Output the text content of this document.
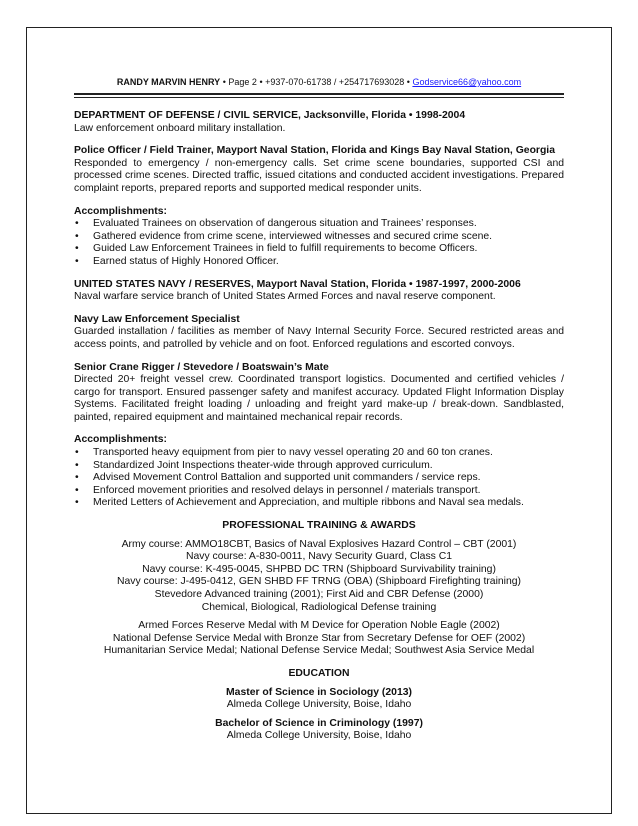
RANDY MARVIN HENRY • Page 2 • +937-070-61738 / +254717693028 • Godservice66@yahoo.com

DEPARTMENT OF DEFENSE / CIVIL SERVICE, Jacksonville, Florida • 1998-2004

Law enforcement onboard military installation.

Police Officer / Field Trainer, Mayport Naval Station, Florida and Kings Bay Naval Station, Georgia

Responded to emergency / non-emergency calls. Set crime scene boundaries, supported CSI and processed crime scenes. Directed traffic, issued citations and conducted accident investigations. Prepared complaint reports, prepared reports and supported medical responder units.

Accomplishments:

• Evaluated Trainees on observation of dangerous situation and Trainees’ responses.
• Gathered evidence from crime scene, interviewed witnesses and secured crime scene.
• Guided Law Enforcement Trainees in field to fulfill requirements to become Officers.
• Earned status of Highly Honored Officer.

UNITED STATES NAVY / RESERVES, Mayport Naval Station, Florida • 1987-1997, 2000-2006

Naval warfare service branch of United States Armed Forces and naval reserve component.

Navy Law Enforcement Specialist

Guarded installation / facilities as member of Navy Internal Security Force. Secured restricted areas and access points, and patrolled by vehicle and on foot. Enforced regulations and escorted convoys.

Senior Crane Rigger / Stevedore / Boatswain’s Mate

Directed 20+ freight vessel crew. Coordinated transport logistics. Documented and certified vehicles / cargo for transport. Ensured passenger safety and manifest accuracy. Updated Flight Information Display Systems. Facilitated freight loading / unloading and freight yard make-up / break-down. Sandblasted, painted, repaired equipment and maintained mechanical repair records.

Accomplishments:

• Transported heavy equipment from pier to navy vessel operating 20 and 60 ton cranes.
• Standardized Joint Inspections theater-wide through approved curriculum.
• Advised Movement Control Battalion and supported unit commanders / service reps.
• Enforced movement priorities and resolved delays in personnel / materials transport.
• Merited Letters of Achievement and Appreciation, and multiple ribbons and Naval sea medals.

PROFESSIONAL TRAINING & AWARDS

Army course: AMMO18CBT, Basics of Naval Explosives Hazard Control – CBT (2001)

Navy course: A-830-0011, Navy Security Guard, Class C1

Navy course: K-495-0045, SHPBD DC TRN (Shipboard Survivability training)

Navy course: J-495-0412, GEN SHBD FF TRNG (OBA) (Shipboard Firefighting training)

Stevedore Advanced training (2001); First Aid and CBR Defense (2000)

Chemical, Biological, Radiological Defense training

Armed Forces Reserve Medal with M Device for Operation Noble Eagle (2002)

National Defense Service Medal with Bronze Star from Secretary Defense for OEF (2002)

Humanitarian Service Medal; National Defense Service Medal; Southwest Asia Service Medal

EDUCATION

Master of Science in Sociology (2013)

Almeda College University, Boise, Idaho

Bachelor of Science in Criminology (1997)

Almeda College University, Boise, Idaho
